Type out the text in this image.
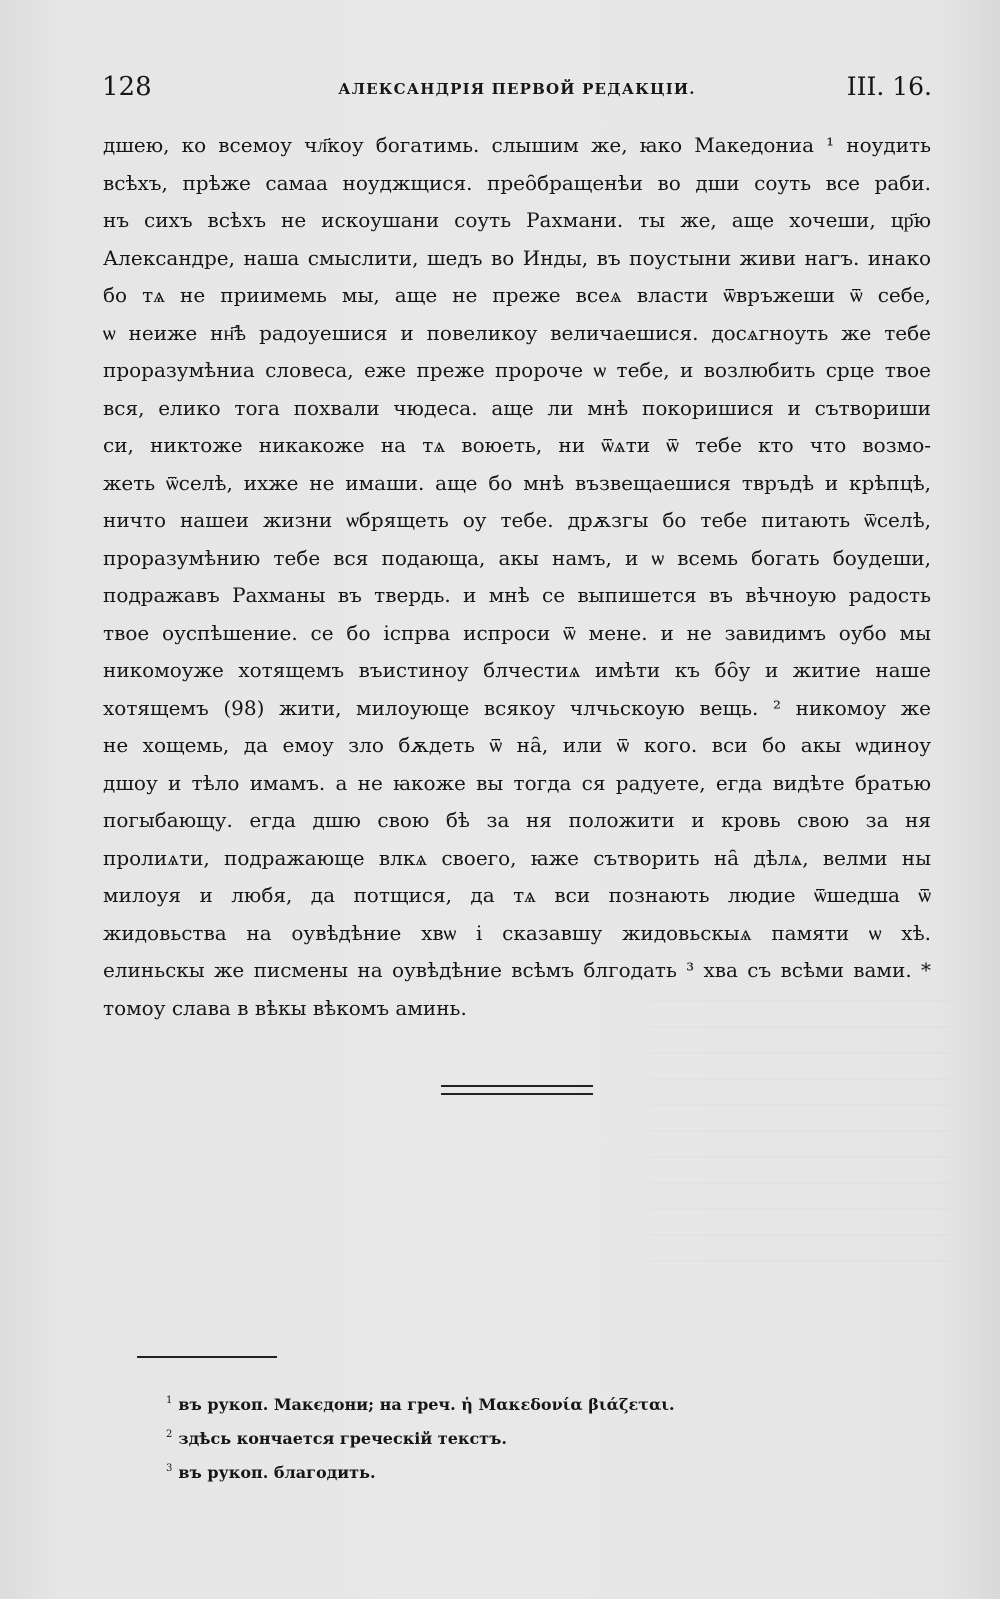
128	АЛЕКСАНДРІЯ ПЕРВОЙ РЕДАКЦІИ.	III. 16.
дшею, ко всемоу чл҃коу богатимь. слышим же, ꙗко Македониа ¹ ноудить
всѣхъ, прѣже самаа ноуджщися. прео̑бращенѣи во дши соуть все раби.
нъ сихъ всѣхъ не искоушани соуть Рахмани. ты же, аще хочеши, цр҃ю
Александре, наша смыслити, шедъ во Инды, въ поустыни живи нагъ. инако
бо тѧ не приимемь мы, аще не преже всеѧ власти ѿвръжеши ѿ себе,
ѡ неиже нн҃ѣ радоуешися и повеликоу величаешися. досѧгноуть же тебе
проразумѣниа словеса, еже преже пророче ѡ тебе, и возлюбить срце твое
вся, елико тога похвали чюдеса. аще ли мнѣ покоришися и сътвориши
си, никтоже никакоже на тѧ воюеть, ни ѿѧти ѿ тебе кто что возмо-
жеть ѿселѣ, ихже не имаши. аще бо мнѣ възвещаешися твръдѣ и крѣпцѣ,
ничто нашеи жизни ѡбрящеть оу тебе. дрѫзгы бо тебе питають ѿселѣ,
проразумѣнию тебе вся подающа, акы намъ, и ѡ всемь богать боудеши,
подражавъ Рахманы въ твердь. и мнѣ се выпишется въ вѣчноую радость
твое оуспѣшение. се бо іспрва испроси ѿ мене. и не завидимъ оубо мы
никомоуже хотящемъ въистиноу блчестиѧ имѣти къ бо̑у и житие наше
хотящемъ (98) жити, милоующе всякоу члчьскоую вещь. ² никомоу же
не хощемь, да емоу зло бѫдеть ѿ на̑, или ѿ кого. вси бо акы ѡдиноу
дшоу и тѣло имамъ. а не ꙗкоже вы тогда ся радуете, егда видѣте братью
погыбающу. егда дшю свою бѣ за ня положити и кровь свою за ня
пролиѧти, подражающе влкѧ своего, ꙗже сътворить на̑ дѣлѧ, велми ны
милоуя и любя, да потщися, да тѧ вси познають людие ѿшедша ѿ
жидовьства на оувѣдѣние хвѡ і сказавшу жидовьскыѧ памяти ѡ хѣ.
елиньскы же писмены на оувѣдѣние всѣмъ блгодать ³ хва съ всѣми вами. *
томоу слава в вѣкы вѣкомъ аминь.
$^1$ въ рукоп. Макєдони; на греч. ἡ Μακεδονία βιάζεται.
$^2$ здѣсь кончается греческій текстъ.
$^3$ въ рукоп. благодить.
